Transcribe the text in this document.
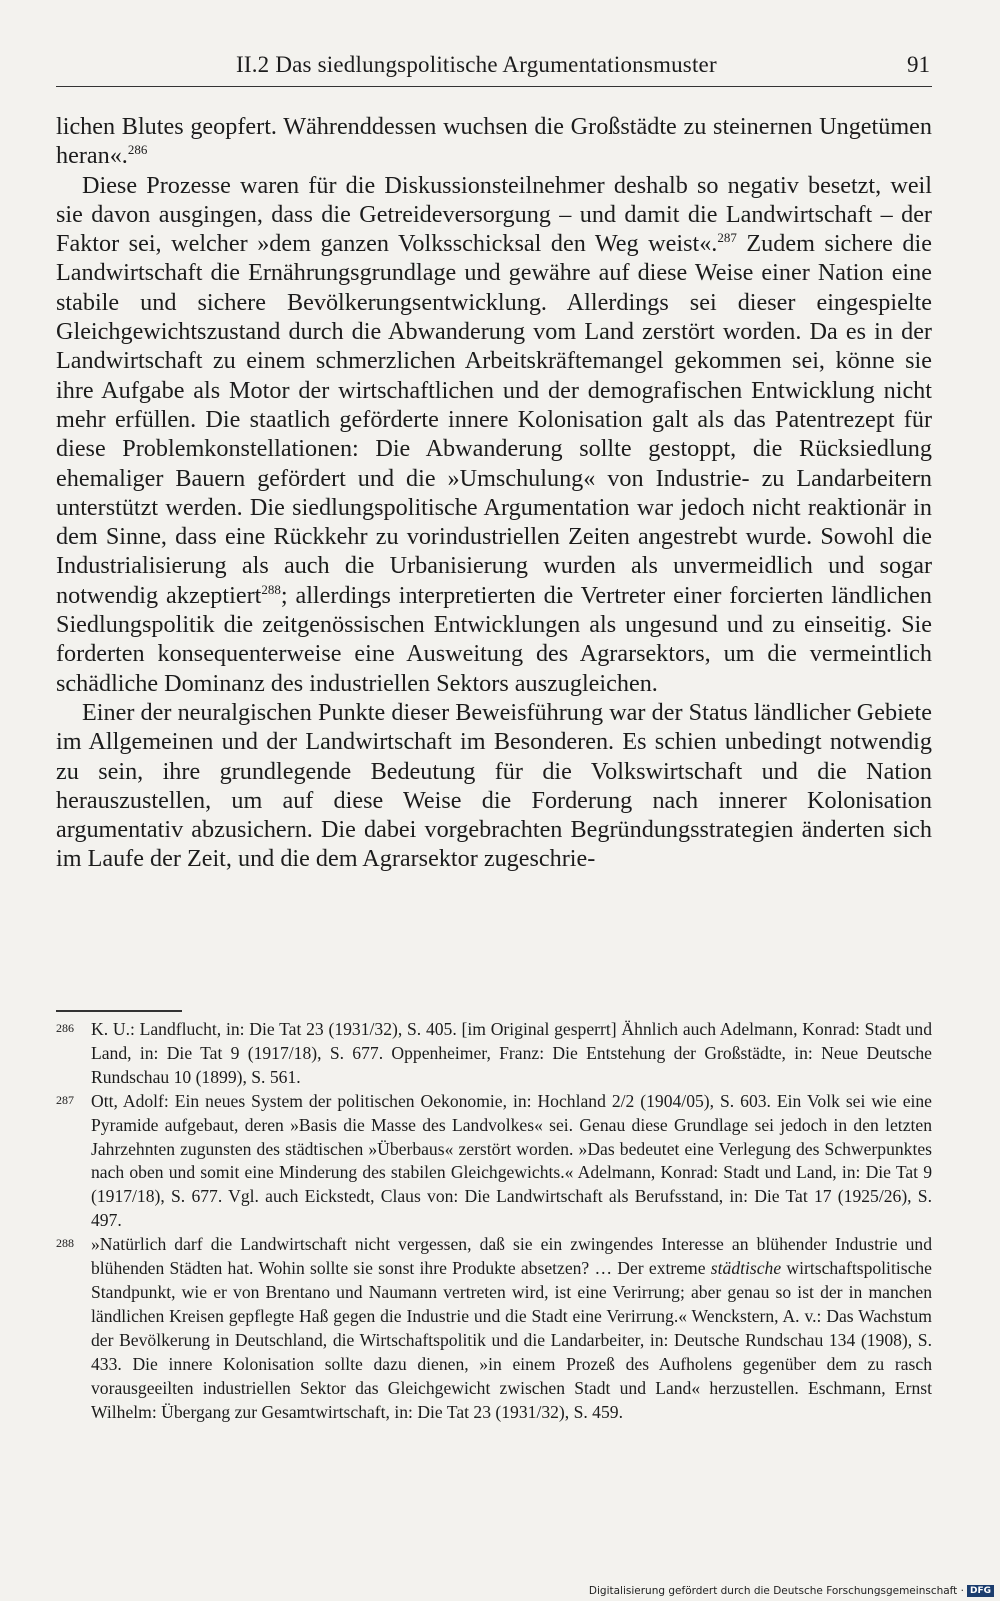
II.2 Das siedlungspolitische Argumentationsmuster	91

lichen Blutes geopfert. Währenddessen wuchsen die Großstädte zu steinernen Ungetümen heran«.$^{286}$

Diese Prozesse waren für die Diskussionsteilnehmer deshalb so negativ besetzt, weil sie davon ausgingen, dass die Getreideversorgung – und damit die Landwirtschaft – der Faktor sei, welcher »dem ganzen Volksschicksal den Weg weist«.$^{287}$ Zudem sichere die Landwirtschaft die Ernährungsgrundlage und gewähre auf diese Weise einer Nation eine stabile und sichere Bevölkerungsentwicklung. Allerdings sei dieser eingespielte Gleichgewichtszustand durch die Abwanderung vom Land zerstört worden. Da es in der Landwirtschaft zu einem schmerzlichen Arbeitskräftemangel gekommen sei, könne sie ihre Aufgabe als Motor der wirtschaftlichen und der demografischen Entwicklung nicht mehr erfüllen. Die staatlich geförderte innere Kolonisation galt als das Patentrezept für diese Problemkonstellationen: Die Abwanderung sollte gestoppt, die Rücksiedlung ehemaliger Bauern gefördert und die »Umschulung« von Industrie- zu Landarbeitern unterstützt werden. Die siedlungspolitische Argumentation war jedoch nicht reaktionär in dem Sinne, dass eine Rückkehr zu vorindustriellen Zeiten angestrebt wurde. Sowohl die Industrialisierung als auch die Urbanisierung wurden als unvermeidlich und sogar notwendig akzeptiert$^{288}$; allerdings interpretierten die Vertreter einer forcierten ländlichen Siedlungspolitik die zeitgenössischen Entwicklungen als ungesund und zu einseitig. Sie forderten konsequenterweise eine Ausweitung des Agrarsektors, um die vermeintlich schädliche Dominanz des industriellen Sektors auszugleichen.

Einer der neuralgischen Punkte dieser Beweisführung war der Status ländlicher Gebiete im Allgemeinen und der Landwirtschaft im Besonderen. Es schien unbedingt notwendig zu sein, ihre grundlegende Bedeutung für die Volkswirtschaft und die Nation herauszustellen, um auf diese Weise die Forderung nach innerer Kolonisation argumentativ abzusichern. Die dabei vorgebrachten Begründungsstrategien änderten sich im Laufe der Zeit, und die dem Agrarsektor zugeschrie-

286 K. U.: Landflucht, in: Die Tat 23 (1931/32), S. 405. [im Original gesperrt] Ähnlich auch Adelmann, Konrad: Stadt und Land, in: Die Tat 9 (1917/18), S. 677. Oppenheimer, Franz: Die Entstehung der Großstädte, in: Neue Deutsche Rundschau 10 (1899), S. 561.

287 Ott, Adolf: Ein neues System der politischen Oekonomie, in: Hochland 2/2 (1904/05), S. 603. Ein Volk sei wie eine Pyramide aufgebaut, deren »Basis die Masse des Landvolkes« sei. Genau diese Grundlage sei jedoch in den letzten Jahrzehnten zugunsten des städtischen »Überbaus« zerstört worden. »Das bedeutet eine Verlegung des Schwerpunktes nach oben und somit eine Minderung des stabilen Gleichgewichts.« Adelmann, Konrad: Stadt und Land, in: Die Tat 9 (1917/18), S. 677. Vgl. auch Eickstedt, Claus von: Die Landwirtschaft als Berufsstand, in: Die Tat 17 (1925/26), S. 497.

288 »Natürlich darf die Landwirtschaft nicht vergessen, daß sie ein zwingendes Interesse an blühender Industrie und blühenden Städten hat. Wohin sollte sie sonst ihre Produkte absetzen? … Der extreme städtische wirtschaftspolitische Standpunkt, wie er von Brentano und Naumann vertreten wird, ist eine Verirrung; aber genau so ist der in manchen ländlichen Kreisen gepflegte Haß gegen die Industrie und die Stadt eine Verirrung.« Wenckstern, A. v.: Das Wachstum der Bevölkerung in Deutschland, die Wirtschaftspolitik und die Landarbeiter, in: Deutsche Rundschau 134 (1908), S. 433. Die innere Kolonisation sollte dazu dienen, »in einem Prozeß des Aufholens gegenüber dem zu rasch vorausgeeilten industriellen Sektor das Gleichgewicht zwischen Stadt und Land« herzustellen. Eschmann, Ernst Wilhelm: Übergang zur Gesamtwirtschaft, in: Die Tat 23 (1931/32), S. 459.

Digitalisierung gefördert durch die Deutsche Forschungsgemeinschaft · DFG
